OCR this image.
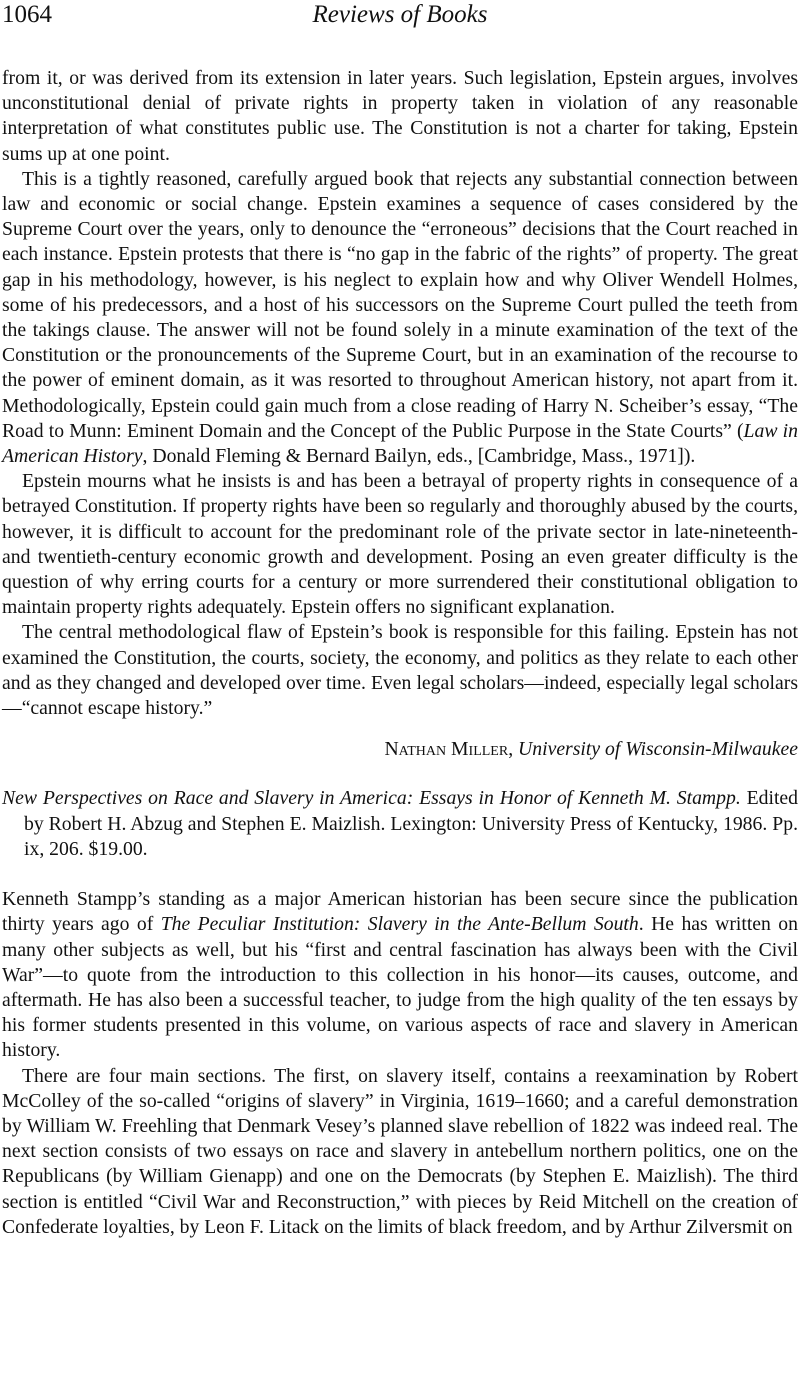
1064	Reviews of Books

from it, or was derived from its extension in later years. Such legislation, Epstein argues, involves unconstitutional denial of private rights in property taken in violation of any reasonable interpretation of what constitutes public use. The Constitution is not a charter for taking, Epstein sums up at one point.

This is a tightly reasoned, carefully argued book that rejects any substantial connection between law and economic or social change. Epstein examines a sequence of cases considered by the Supreme Court over the years, only to denounce the “erroneous” decisions that the Court reached in each instance. Epstein protests that there is “no gap in the fabric of the rights” of property. The great gap in his methodology, however, is his neglect to explain how and why Oliver Wendell Holmes, some of his predecessors, and a host of his successors on the Supreme Court pulled the teeth from the takings clause. The answer will not be found solely in a minute examination of the text of the Constitution or the pronouncements of the Supreme Court, but in an examination of the recourse to the power of eminent domain, as it was resorted to throughout American history, not apart from it. Methodologically, Epstein could gain much from a close reading of Harry N. Scheiber’s essay, “The Road to Munn: Eminent Domain and the Concept of the Public Purpose in the State Courts” (Law in American History, Donald Fleming & Bernard Bailyn, eds., [Cambridge, Mass., 1971]).

Epstein mourns what he insists is and has been a betrayal of property rights in consequence of a betrayed Constitution. If property rights have been so regularly and thoroughly abused by the courts, however, it is difficult to account for the predominant role of the private sector in late-nineteenth- and twentieth-century economic growth and development. Posing an even greater difficulty is the question of why erring courts for a century or more surrendered their constitutional obligation to maintain property rights adequately. Epstein offers no significant explanation.

The central methodological flaw of Epstein’s book is responsible for this failing. Epstein has not examined the Constitution, the courts, society, the economy, and politics as they relate to each other and as they changed and developed over time. Even legal scholars—indeed, especially legal scholars—“cannot escape history.”

Nathan Miller, University of Wisconsin-Milwaukee
New Perspectives on Race and Slavery in America: Essays in Honor of Kenneth M. Stampp. Edited by Robert H. Abzug and Stephen E. Maizlish. Lexington: University Press of Kentucky, 1986. Pp. ix, 206. $19.00.

Kenneth Stampp’s standing as a major American historian has been secure since the publication thirty years ago of The Peculiar Institution: Slavery in the Ante-Bellum South. He has written on many other subjects as well, but his “first and central fascination has always been with the Civil War”—to quote from the introduction to this collection in his honor—its causes, outcome, and aftermath. He has also been a successful teacher, to judge from the high quality of the ten essays by his former students presented in this volume, on various aspects of race and slavery in American history.

There are four main sections. The first, on slavery itself, contains a reexamination by Robert McColley of the so-called “origins of slavery” in Virginia, 1619–1660; and a careful demonstration by William W. Freehling that Denmark Vesey’s planned slave rebellion of 1822 was indeed real. The next section consists of two essays on race and slavery in antebellum northern politics, one on the Republicans (by William Gienapp) and one on the Democrats (by Stephen E. Maizlish). The third section is entitled “Civil War and Reconstruction,” with pieces by Reid Mitchell on the creation of Confederate loyalties, by Leon F. Litack on the limits of black freedom, and by Arthur Zilversmit on
